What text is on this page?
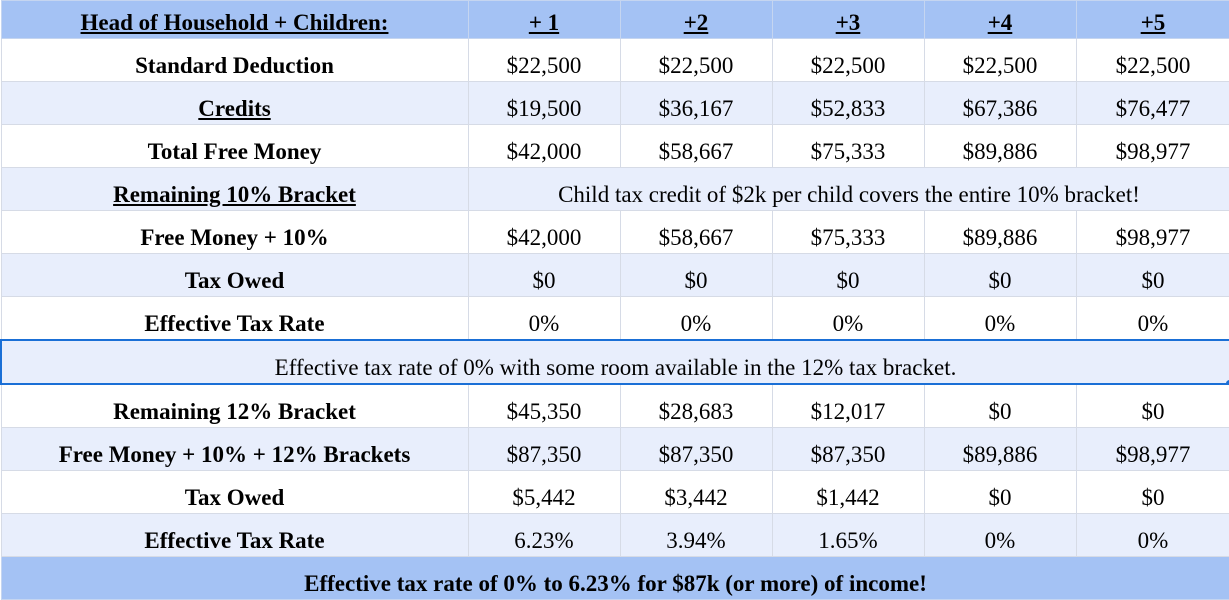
Head of Household + Children:	+ 1	+2	+3	+4	+5
Standard Deduction	$22,500	$22,500	$22,500	$22,500	$22,500
Credits	$19,500	$36,167	$52,833	$67,386	$76,477
Total Free Money	$42,000	$58,667	$75,333	$89,886	$98,977
Remaining 10% Bracket	Child tax credit of $2k per child covers the entire 10% bracket!				
Free Money + 10%	$42,000	$58,667	$75,333	$89,886	$98,977
Tax Owed	$0	$0	$0	$0	$0
Effective Tax Rate	0%	0%	0%	0%	0%
Effective tax rate of 0% with some room available in the 12% tax bracket.					

Remaining 12% Bracket	$45,350	$28,683	$12,017	$0	$0
Free Money + 10% + 12% Brackets	$87,350	$87,350	$87,350	$89,886	$98,977
Tax Owed	$5,442	$3,442	$1,442	$0	$0
Effective Tax Rate	6.23%	3.94%	1.65%	0%	0%
Effective tax rate of 0% to 6.23% for $87k (or more) of income!					
